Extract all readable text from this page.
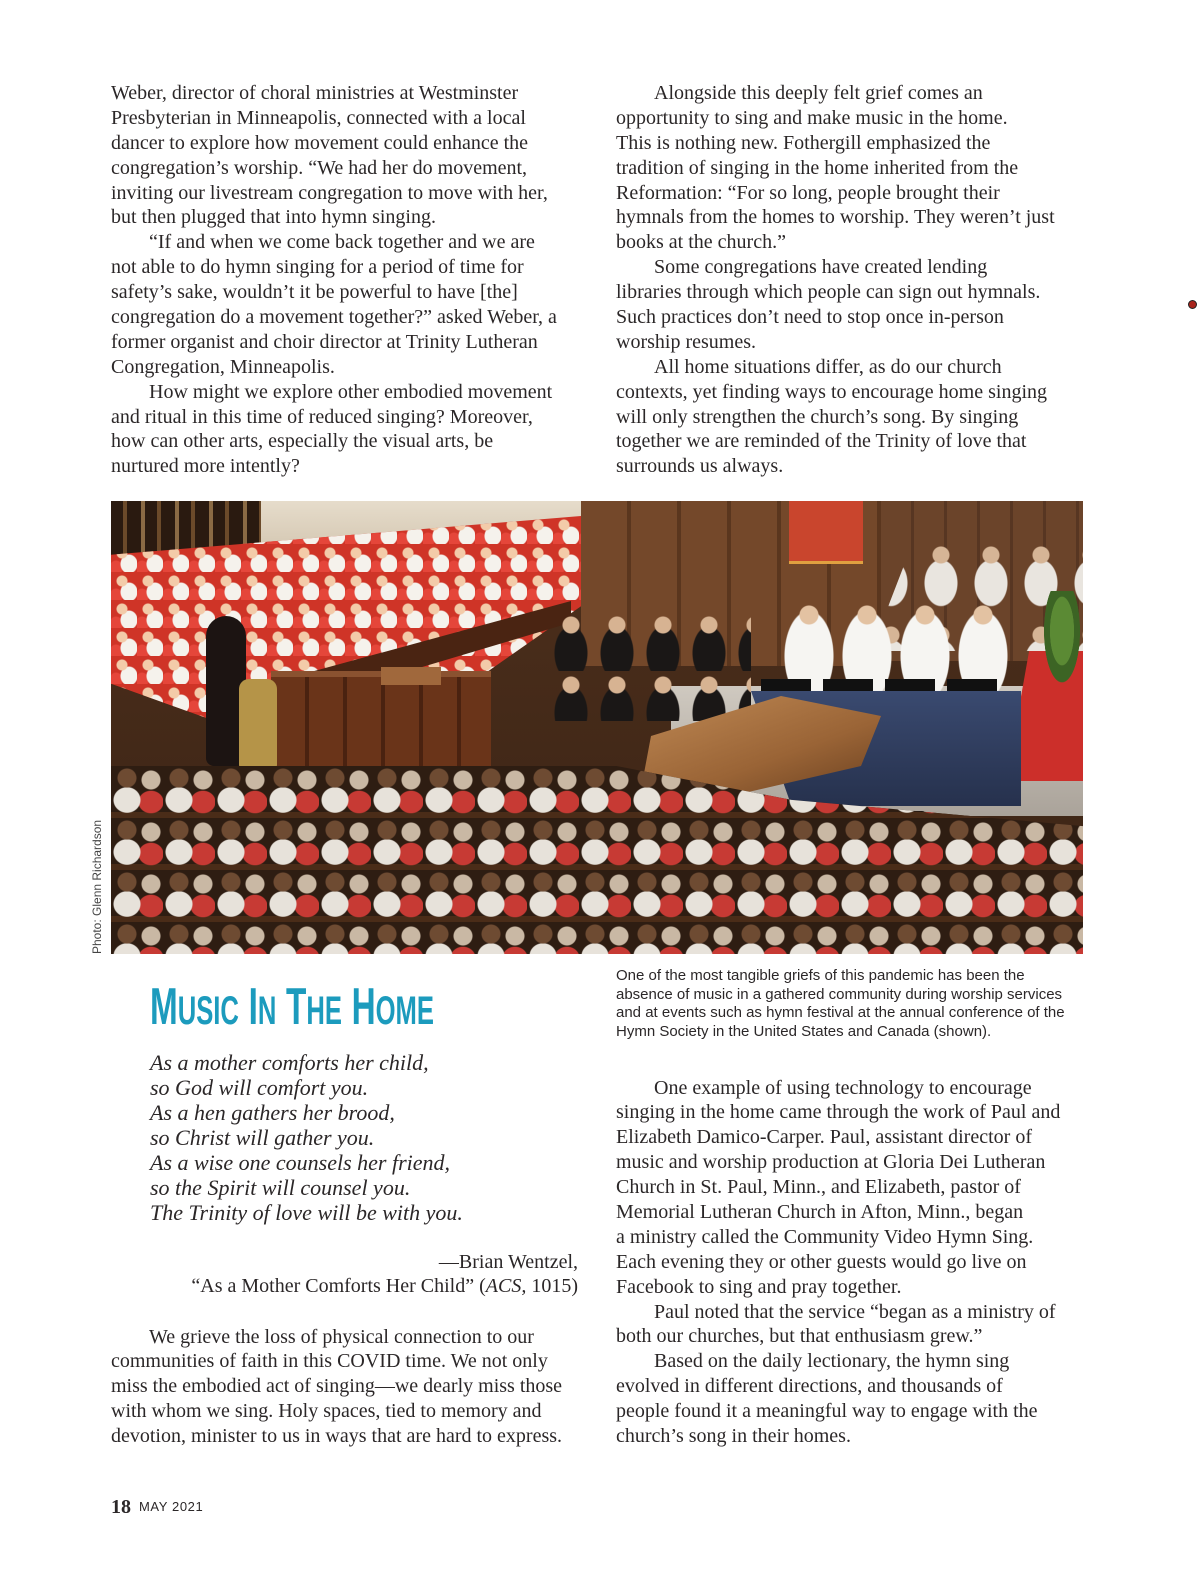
Weber, director of choral ministries at Westminster
Presbyterian in Minneapolis, connected with a local
dancer to explore how movement could enhance the
congregation’s worship. “We had her do movement,
inviting our livestream congregation to move with her,
but then plugged that into hymn singing.
“If and when we come back together and we are
not able to do hymn singing for a period of time for
safety’s sake, wouldn’t it be powerful to have [the]
congregation do a movement together?” asked Weber, a
former organist and choir director at Trinity Lutheran
Congregation, Minneapolis.
How might we explore other embodied movement
and ritual in this time of reduced singing? Moreover,
how can other arts, especially the visual arts, be
nurtured more intently?
Alongside this deeply felt grief comes an
opportunity to sing and make music in the home.
This is nothing new. Fothergill emphasized the
tradition of singing in the home inherited from the
Reformation: “For so long, people brought their
hymnals from the homes to worship. They weren’t just
books at the church.”
Some congregations have created lending
libraries through which people can sign out hymnals.
Such practices don’t need to stop once in-person
worship resumes.
All home situations differ, as do our church
contexts, yet finding ways to encourage home singing
will only strengthen the church’s song. By singing
together we are reminded of the Trinity of love that
surrounds us always.
Photo: Glenn Richardson
One of the most tangible griefs of this pandemic has been the
absence of music in a gathered community during worship services
and at events such as hymn festival at the annual conference of the
Hymn Society in the United States and Canada (shown).
MUSIC IN THE HOME
As a mother comforts her child,
so God will comfort you.
As a hen gathers her brood,
so Christ will gather you.
As a wise one counsels her friend,
so the Spirit will counsel you.
The Trinity of love will be with you.
—Brian Wentzel,
“As a Mother Comforts Her Child” (ACS, 1015)
We grieve the loss of physical connection to our
communities of faith in this COVID time. We not only
miss the embodied act of singing—we dearly miss those
with whom we sing. Holy spaces, tied to memory and
devotion, minister to us in ways that are hard to express.
One example of using technology to encourage
singing in the home came through the work of Paul and
Elizabeth Damico-Carper. Paul, assistant director of
music and worship production at Gloria Dei Lutheran
Church in St. Paul, Minn., and Elizabeth, pastor of
Memorial Lutheran Church in Afton, Minn., began
a ministry called the Community Video Hymn Sing.
Each evening they or other guests would go live on
Facebook to sing and pray together.
Paul noted that the service “began as a ministry of
both our churches, but that enthusiasm grew.”
Based on the daily lectionary, the hymn sing
evolved in different directions, and thousands of
people found it a meaningful way to engage with the
church’s song in their homes.
18 MAY 2021
